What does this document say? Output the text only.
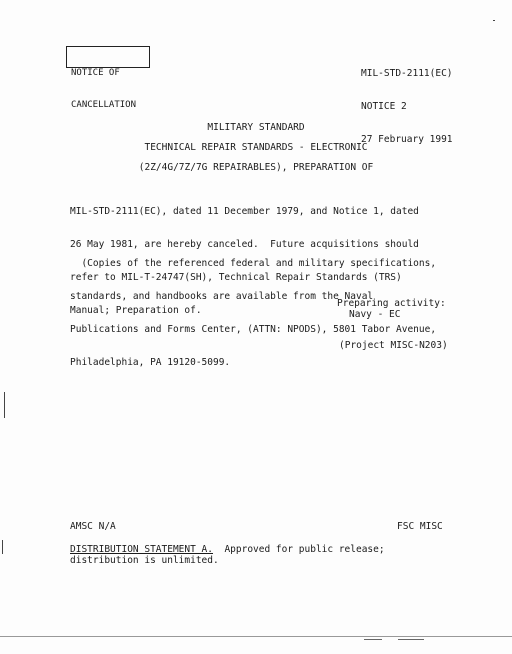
NOTICE OF

CANCELLATION

MIL-STD-2111(EC)

NOTICE 2

27 February 1991

MILITARY STANDARD
TECHNICAL REPAIR STANDARDS - ELECTRONIC
(2Z/4G/7Z/7G REPAIRABLES), PREPARATION OF

MIL-STD-2111(EC), dated 11 December 1979, and Notice 1, dated

26 May 1981, are hereby canceled.  Future acquisitions should

refer to MIL-T-24747(SH), Technical Repair Standards (TRS)

Manual; Preparation of.

(Copies of the referenced federal and military specifications,

standards, and handbooks are available from the Naval

Publications and Forms Center, (ATTN: NPODS), 5801 Tabor Avenue,

Philadelphia, PA 19120-5099.

Preparing activity:
Navy - EC
(Project MISC-N203)
AMSC N/A	FSC MISC
DISTRIBUTION STATEMENT A.  Approved for public release;
distribution is unlimited.
